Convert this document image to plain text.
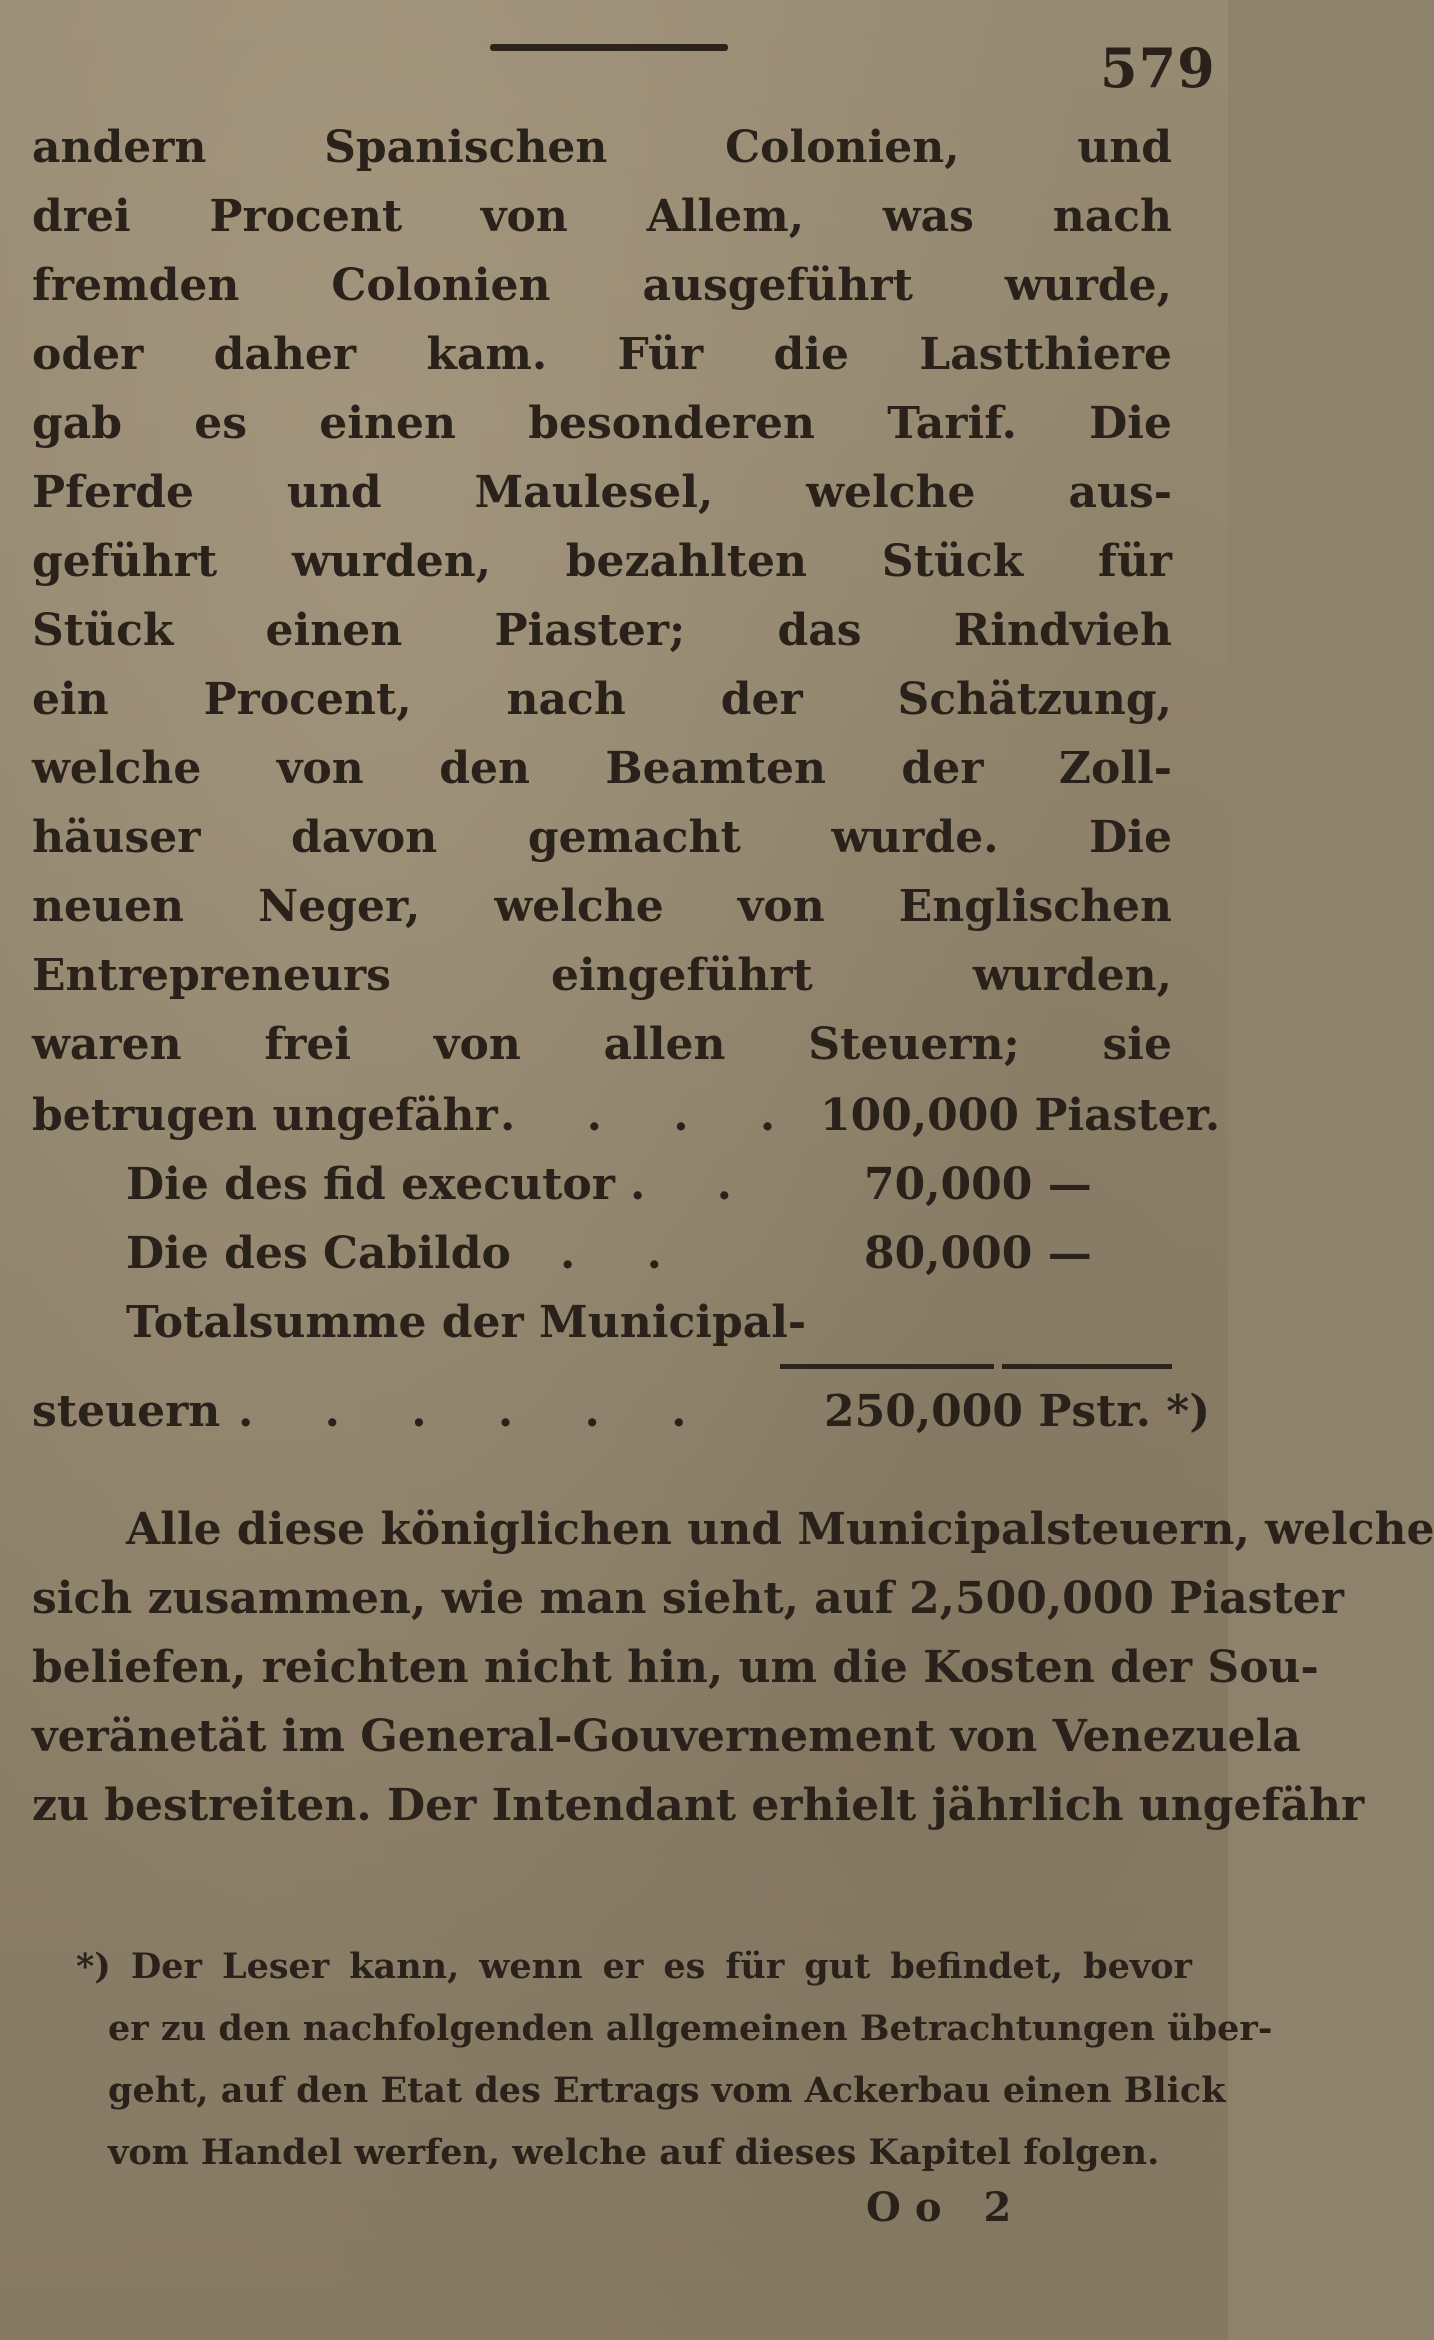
579
andern Spanischen Colonien, und
drei Procent von Allem, was nach
fremden Colonien ausgeführt wurde,
oder daher kam. Für die Lastthiere
gab es einen besonderen Tarif. Die
Pferde und Maulesel, welche aus-
geführt wurden, bezahlten Stück für
Stück einen Piaster; das Rindvieh
ein Procent, nach der Schätzung,
welche von den Beamten der Zoll-
häuser davon gemacht wurde. Die
neuen Neger, welche von Englischen
Entrepreneurs eingeführt wurden,
waren frei von allen Steuern; sie
betrugen ungefähr . . . . 100,000 Piaster.
Die des fid executor . . 70,000 —
Die des Cabildo . .	80,000 —
Totalsumme der Municipal-
steuern . . . . . . 250,000 Pstr. *)
Alle diese königlichen und Municipalsteuern, welche
sich zusammen, wie man sieht, auf 2,500,000 Piaster
beliefen, reichten nicht hin, um die Kosten der Sou-
veränetät im General-Gouvernement von Venezuela
zu bestreiten. Der Intendant erhielt jährlich ungefähr
*) Der Leser kann, wenn er es für gut befindet, bevor
er zu den nachfolgenden allgemeinen Betrachtungen über-
geht, auf den Etat des Ertrags vom Ackerbau einen Blick
vom Handel werfen, welche auf dieses Kapitel folgen.
Oo 2
